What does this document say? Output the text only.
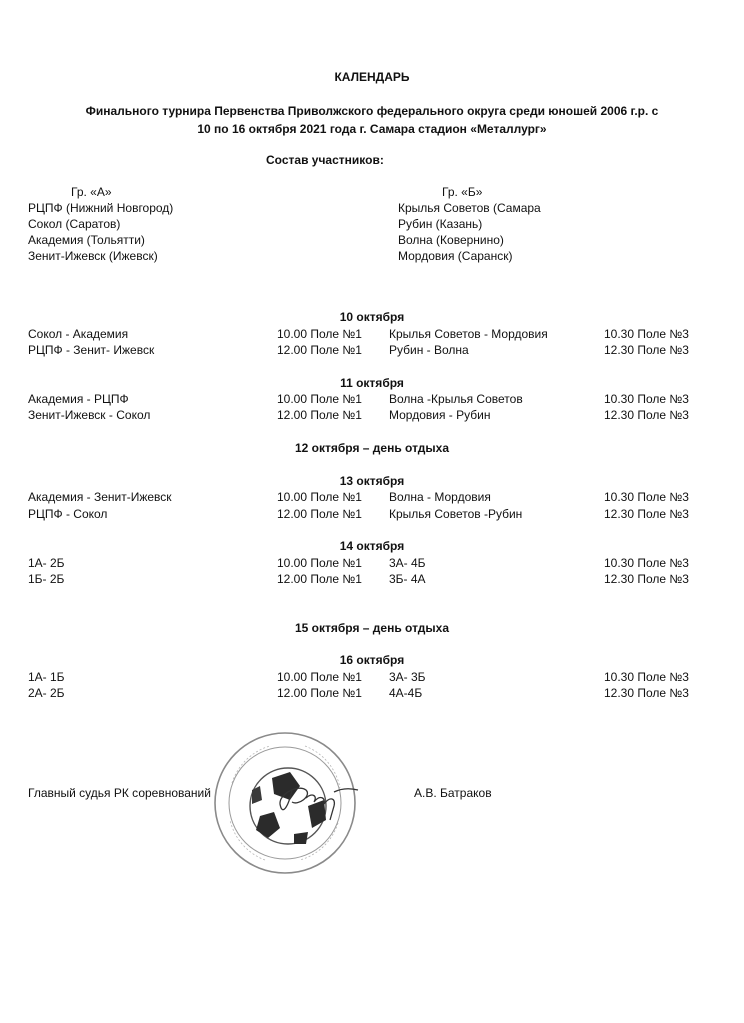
КАЛЕНДАРЬ
Финального турнира Первенства Приволжского федерального округа среди юношей 2006 г.р. с
10 по 16 октября 2021 года г. Самара стадион «Металлург»
Состав участников:
Гр. «А»
РЦПФ (Нижний Новгород)
Сокол (Саратов)
Академия (Тольятти)
Зенит-Ижевск (Ижевск)
Гр. «Б»
Крылья Советов (Самара
Рубин (Казань)
Волна (Ковернино)
Мордовия (Саранск)
10 октября
Сокол - Академия	10.00 Поле №1 Крылья Советов - Мордовия	10.30 Поле №3
РЦПФ - Зенит- Ижевск	12.00 Поле №1 Рубин - Волна	12.30 Поле №3
11 октября
Академия - РЦПФ	10.00 Поле №1 Волна -Крылья Советов	10.30 Поле №3
Зенит-Ижевск - Сокол	12.00 Поле №1 Мордовия - Рубин	12.30 Поле №3
12 октября – день отдыха
13 октября
Академия - Зенит-Ижевск	10.00 Поле №1 Волна - Мордовия	10.30 Поле №3
РЦПФ - Сокол	12.00 Поле №1 Крылья Советов -Рубин	12.30 Поле №3
14 октября
1А- 2Б	10.00 Поле №1 3А- 4Б	10.30 Поле №3
1Б- 2Б	12.00 Поле №1 3Б- 4А	12.30 Поле №3
15 октября – день отдыха
16 октября
1А- 1Б	10.00 Поле №1 3А- 3Б	10.30 Поле №3
2А- 2Б	12.00 Поле №1 4А-4Б	12.30 Поле №3
Главный судья РК соревнований	А.В. Батраков
